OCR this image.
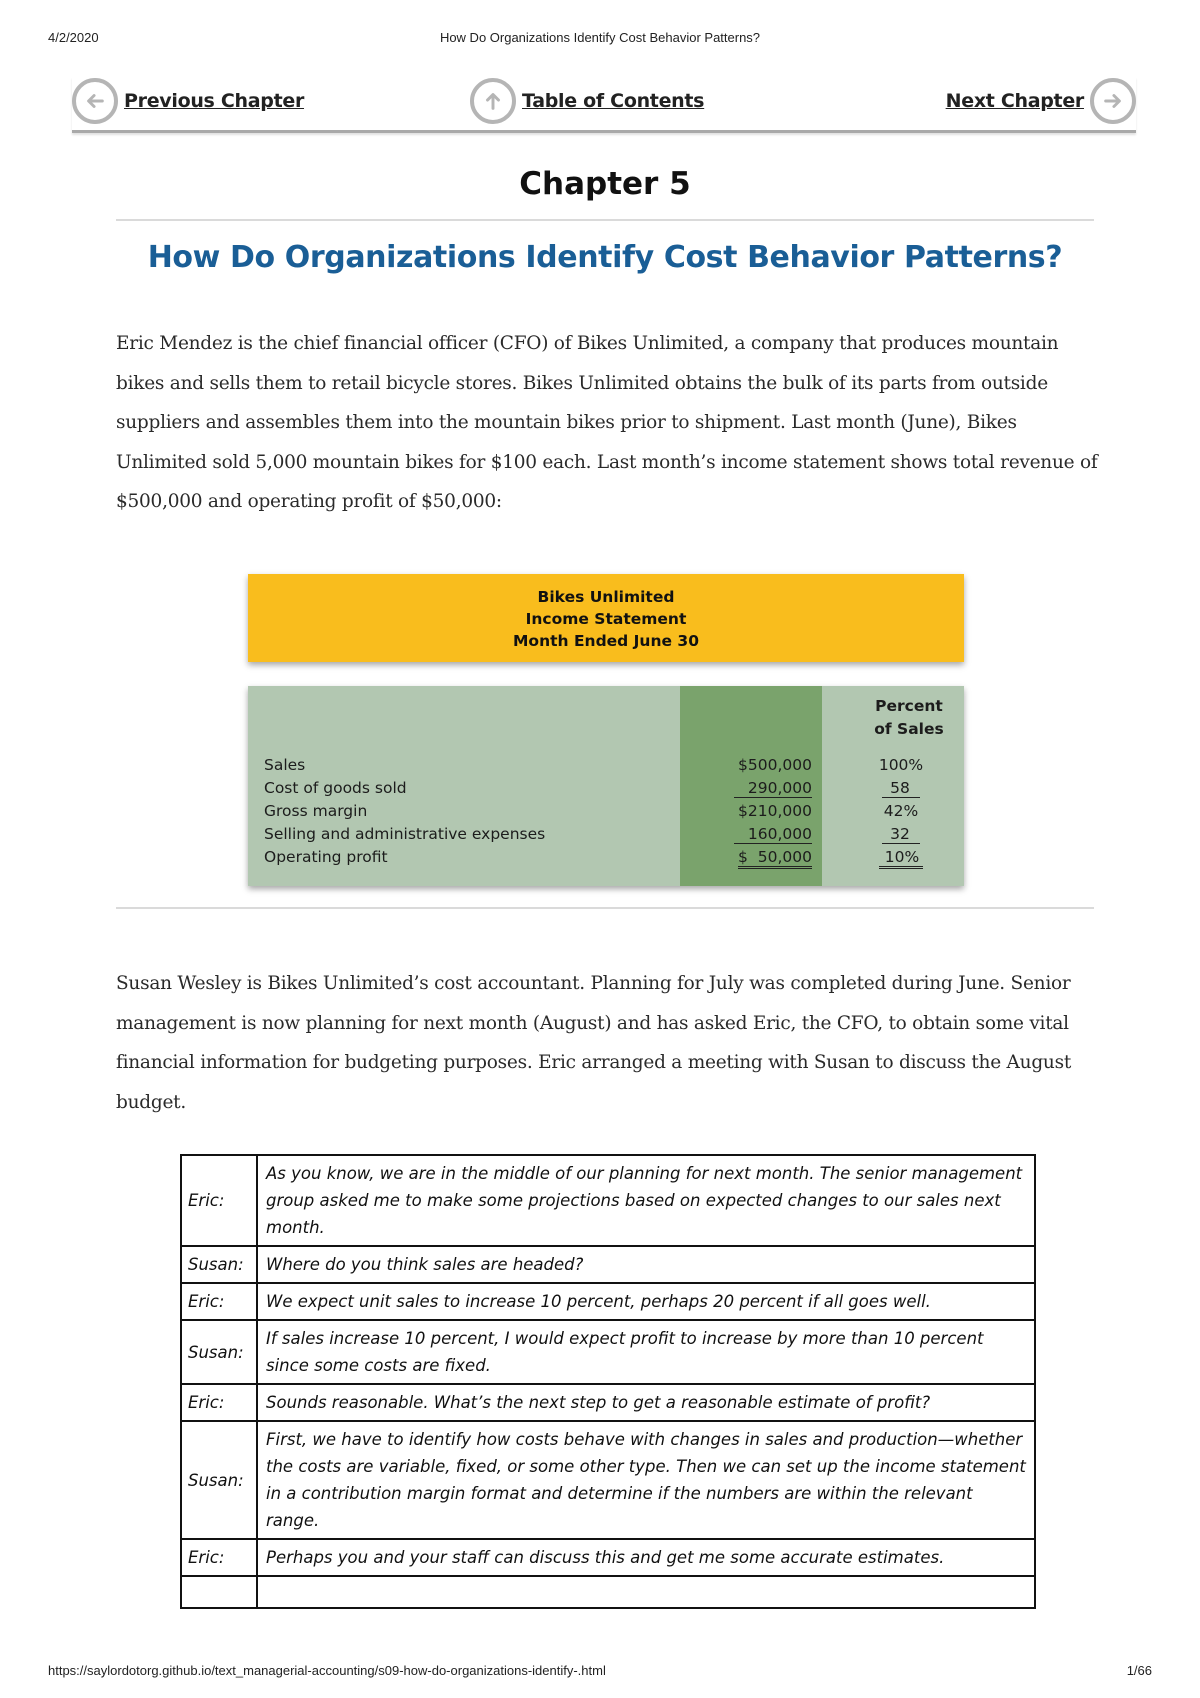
4/2/2020	How Do Organizations Identify Cost Behavior Patterns?
Previous Chapter	Table of Contents	Next Chapter
Chapter 5
How Do Organizations Identify Cost Behavior Patterns?

Eric Mendez is the chief financial officer (CFO) of Bikes Unlimited, a company that produces mountain bikes and sells them to retail bicycle stores. Bikes Unlimited obtains the bulk of its parts from outside suppliers and assembles them into the mountain bikes prior to shipment. Last month (June), Bikes Unlimited sold 5,000 mountain bikes for $100 each. Last month’s income statement shows total revenue of $500,000 and operating profit of $50,000:

Bikes Unlimited
Income Statement
Month Ended June 30
Percent
of Sales
Sales	$500,000	100%
Cost of goods sold	290,000	58
Gross margin	$210,000	42%
Selling and administrative expenses	160,000	32
Operating profit	$  50,000	10%

Susan Wesley is Bikes Unlimited’s cost accountant. Planning for July was completed during June. Senior management is now planning for next month (August) and has asked Eric, the CFO, to obtain some vital financial information for budgeting purposes. Eric arranged a meeting with Susan to discuss the August budget.

Eric:	As you know, we are in the middle of our planning for next month. The senior management group asked me to make some projections based on expected changes to our sales next month.
Susan:	Where do you think sales are headed?
Eric:	We expect unit sales to increase 10 percent, perhaps 20 percent if all goes well.
Susan:	If sales increase 10 percent, I would expect profit to increase by more than 10 percent since some costs are fixed.
Eric:	Sounds reasonable. What’s the next step to get a reasonable estimate of profit?
Susan:	First, we have to identify how costs behave with changes in sales and production—whether the costs are variable, fixed, or some other type. Then we can set up the income statement in a contribution margin format and determine if the numbers are within the relevant range.
Eric:	Perhaps you and your staff can discuss this and get me some accurate estimates.

https://saylordotorg.github.io/text_managerial-accounting/s09-how-do-organizations-identify-.html	1/66
